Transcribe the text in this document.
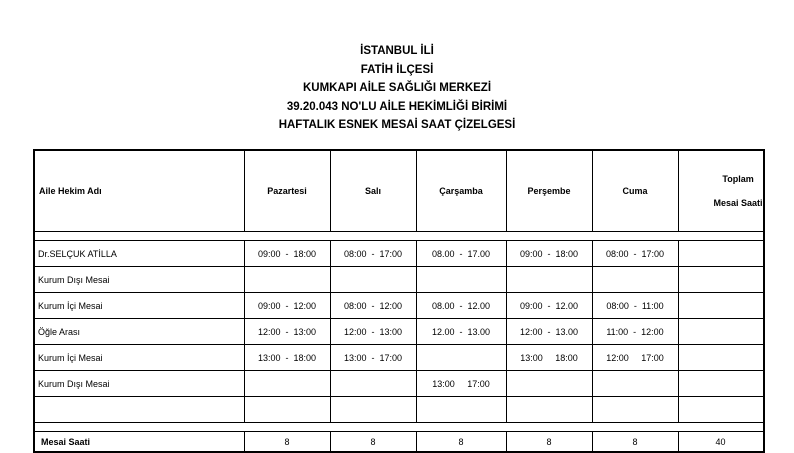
İSTANBUL İLİ
FATİH İLÇESİ
KUMKAPI AİLE SAĞLIĞI MERKEZİ
39.20.043 NO'LU AİLE HEKİMLİĞİ BİRİMİ
HAFTALIK ESNEK MESAİ SAAT ÇİZELGESİ
Aile Hekim Adı	Pazartesi	Salı	Çarşamba	Perşembe	Cuma	Toplam

Mesai Saati

Dr.SELÇUK ATİLLA	09:00  -  18:00	08:00  -  17:00	08.00  -  17.00	09:00  -  18:00	08:00  -  17:00	
Kurum Dışı Mesai						
Kurum İçi Mesai	09:00  -  12:00	08:00  -  12:00	08.00  -  12.00	09:00  -  12.00	08:00  -  11:00	
Öğle Arası	12:00  -  13:00	12:00  -  13:00	12.00  -  13.00	12:00  -  13.00	11:00  -  12:00	
Kurum İçi Mesai	13:00  -  18:00	13:00  -  17:00		13:00     18:00	12:00     17:00	
Kurum Dışı Mesai			13:00     17:00			

Mesai Saati	8	8	8	8	8	40
